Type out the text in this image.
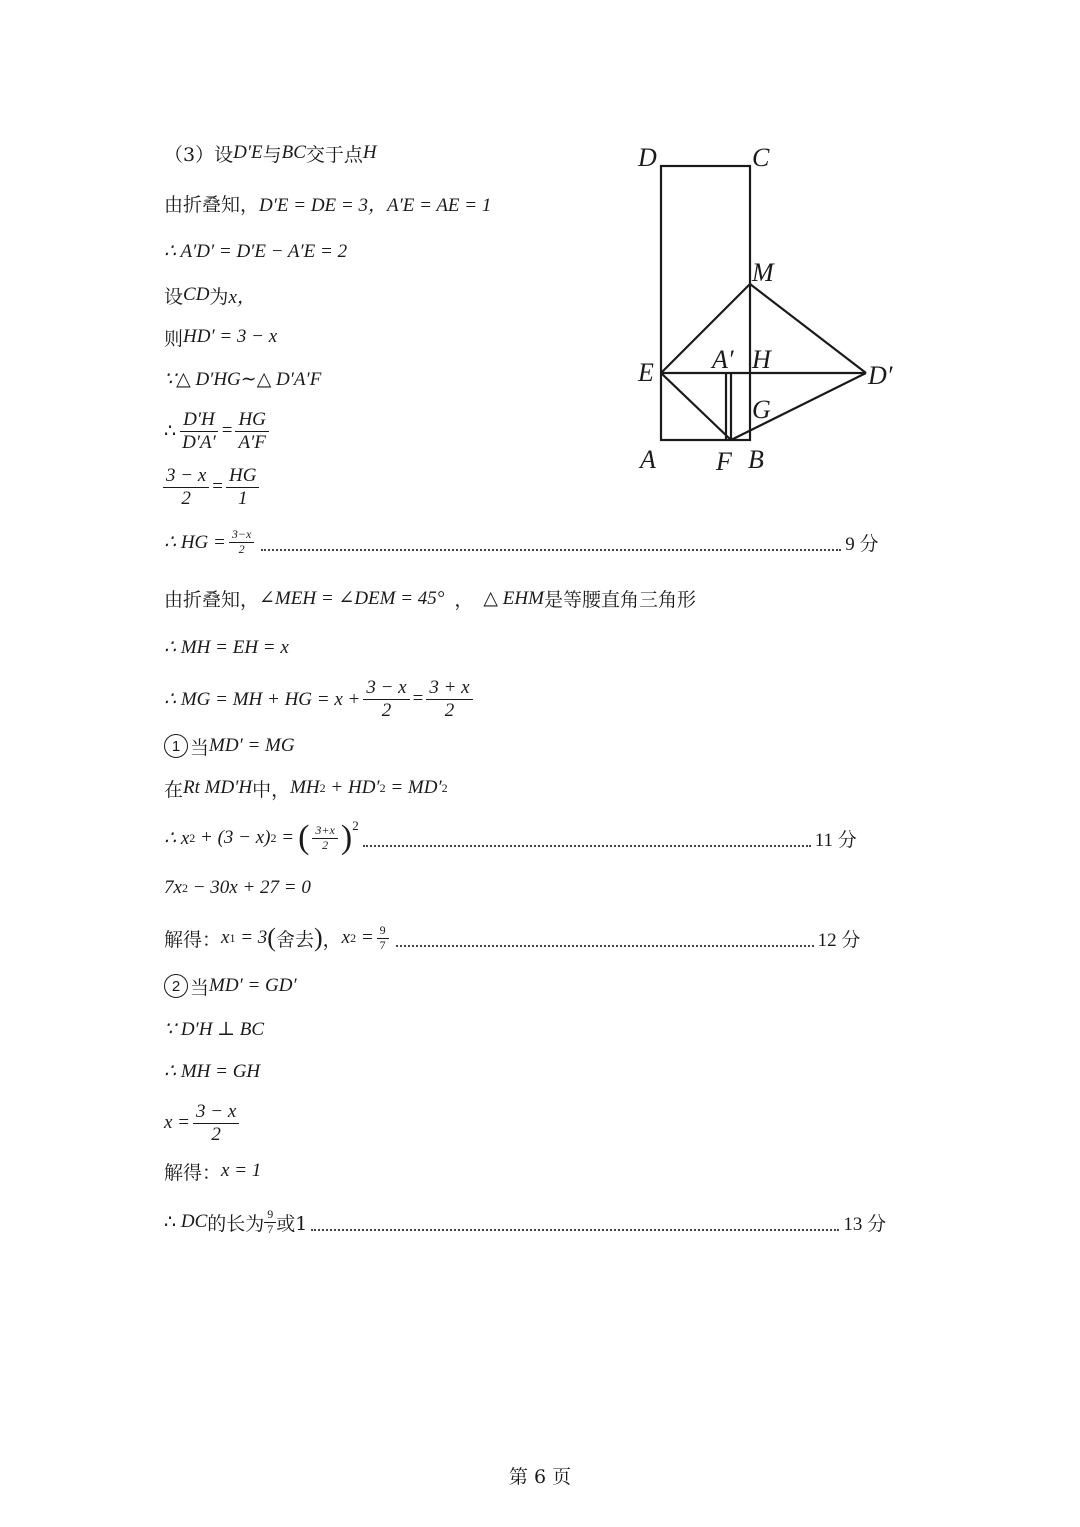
（3）设 D′E 与 BC 交于点 H
由折叠知， D′E = DE = 3，A′E = AE = 1
∴ A′D′ = D′E − A′E = 2
设 CD 为 x，
则 HD′ = 3 − x
∵△ D′HG∼△ D′A′F
∴ $\frac{D'H}{D'A'} = \frac{HG}{A'F}$
$\frac{3 - x}{2} = \frac{HG}{1}$
∴ HG = $\frac{3-x}{2}$	9 分
由折叠知， ∠MEH = ∠DEM = 45° ， △ EHM 是等腰直角三角形
∴ MH = EH = x
∴ MG = MH + HG = $x + \frac{3 - x}{2} = \frac{3 + x}{2}$
1 当 MD′ = MG
在 Rt MD′H 中， MH 2 + HD′ 2 = MD′ 2
∴ x 2 + (3 − x) 2 = ( $\frac{3+x}{2}$ ) 2
11 分
7x 2 − 30x + 27 = 0
解得： x 1 = 3 ( 舍去 ) ， x $2 = \frac{9}{7}$	12 分
2 当 MD′ = GD′
∵ D′H ⊥ BC
∴ MH = GH
$x = \frac{3 - x}{2}$
解得： x = 1
∴ DC 的长为 $\frac{9}{7}$ 或1	13 分
D	C
M
E A′ H
D′
G
A F B
第 6 页
